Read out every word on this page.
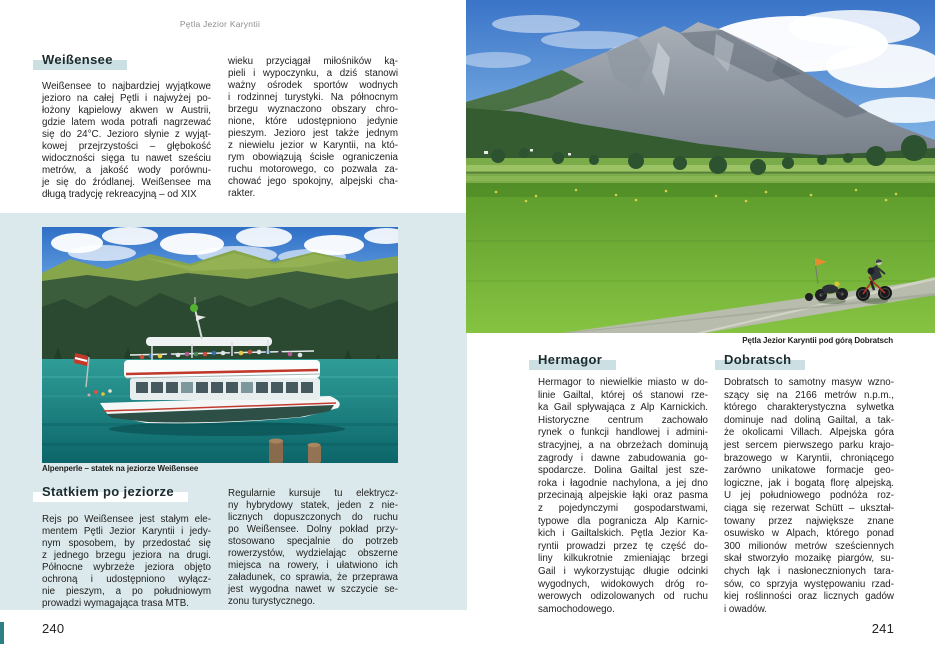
Pętla Jezior Karyntii
Weißensee
Weißensee to najbardziej wyjątkowe
jezioro na całej Pętli i najwyżej po-
łożony kąpielowy akwen w Austrii,
gdzie latem woda potrafi nagrzewać
się do 24°C. Jezioro słynie z wyjąt-
kowej przejrzystości – głębokość
widoczności sięga tu nawet sześciu
metrów, a jakość wody porównu-
je się do źródlanej. Weißensee ma
długą tradycję rekreacyjną – od XIX
wieku przyciągał miłośników ką-
pieli i wypoczynku, a dziś stanowi
ważny ośrodek sportów wodnych
i rodzinnej turystyki. Na północnym
brzegu wyznaczono obszary chro-
nione, które udostępniono jedynie
pieszym. Jezioro jest także jednym
z niewielu jezior w Karyntii, na któ-
rym obowiązują ścisłe ograniczenia
ruchu motorowego, co pozwala za-
chować jego spokojny, alpejski cha-
rakter.
Alpenperle – statek na jeziorze Weißensee
Statkiem po jeziorze
Rejs po Weißensee jest stałym ele-
mentem Pętli Jezior Karyntii i jedy-
nym sposobem, by przedostać się
z jednego brzegu jeziora na drugi.
Północne wybrzeże jeziora objęto
ochroną i udostępniono wyłącz-
nie pieszym, a po południowym
prowadzi wymagająca trasa MTB.
Regularnie kursuje tu elektrycz-
ny hybrydowy statek, jeden z nie-
licznych dopuszczonych do ruchu
po Weißensee. Dolny pokład przy-
stosowano specjalnie do potrzeb
rowerzystów, wydzielając obszerne
miejsca na rowery, i ułatwiono ich
załadunek, co sprawia, że przeprawa
jest wygodna nawet w szczycie se-
zonu turystycznego.
240
Pętla Jezior Karyntii pod górą Dobratsch
Hermagor
Hermagor to niewielkie miasto w do-
linie Gailtal, której oś stanowi rze-
ka Gail spływająca z Alp Karnickich.
Historyczne centrum zachowało
rynek o funkcji handlowej i admini-
stracyjnej, a na obrzeżach dominują
zagrody i dawne zabudowania go-
spodarcze. Dolina Gailtal jest sze-
roka i łagodnie nachylona, a jej dno
przecinają alpejskie łąki oraz pasma
z pojedynczymi gospodarstwami,
typowe dla pogranicza Alp Karnic-
kich i Gailtalskich. Pętla Jezior Ka-
ryntii prowadzi przez tę część do-
liny kilkukrotnie zmieniając brzegi
Gail i wykorzystując długie odcinki
wygodnych, widokowych dróg ro-
werowych odizolowanych od ruchu
samochodowego.
Dobratsch
Dobratsch to samotny masyw wzno-
szący się na 2166 metrów n.p.m.,
którego charakterystyczna sylwetka
dominuje nad doliną Gailtal, a tak-
że okolicami Villach. Alpejska góra
jest sercem pierwszego parku krajo-
brazowego w Karyntii, chroniącego
zarówno unikatowe formacje geo-
logiczne, jak i bogatą florę alpejską.
U jej południowego podnóża roz-
ciąga się rezerwat Schütt – ukształ-
towany przez największe znane
osuwisko w Alpach, którego ponad
300 milionów metrów sześciennych
skał stworzyło mozaikę piargów, su-
chych łąk i nasłonecznionych tara-
sów, co sprzyja występowaniu rzad-
kiej roślinności oraz licznych gadów
i owadów.
241
